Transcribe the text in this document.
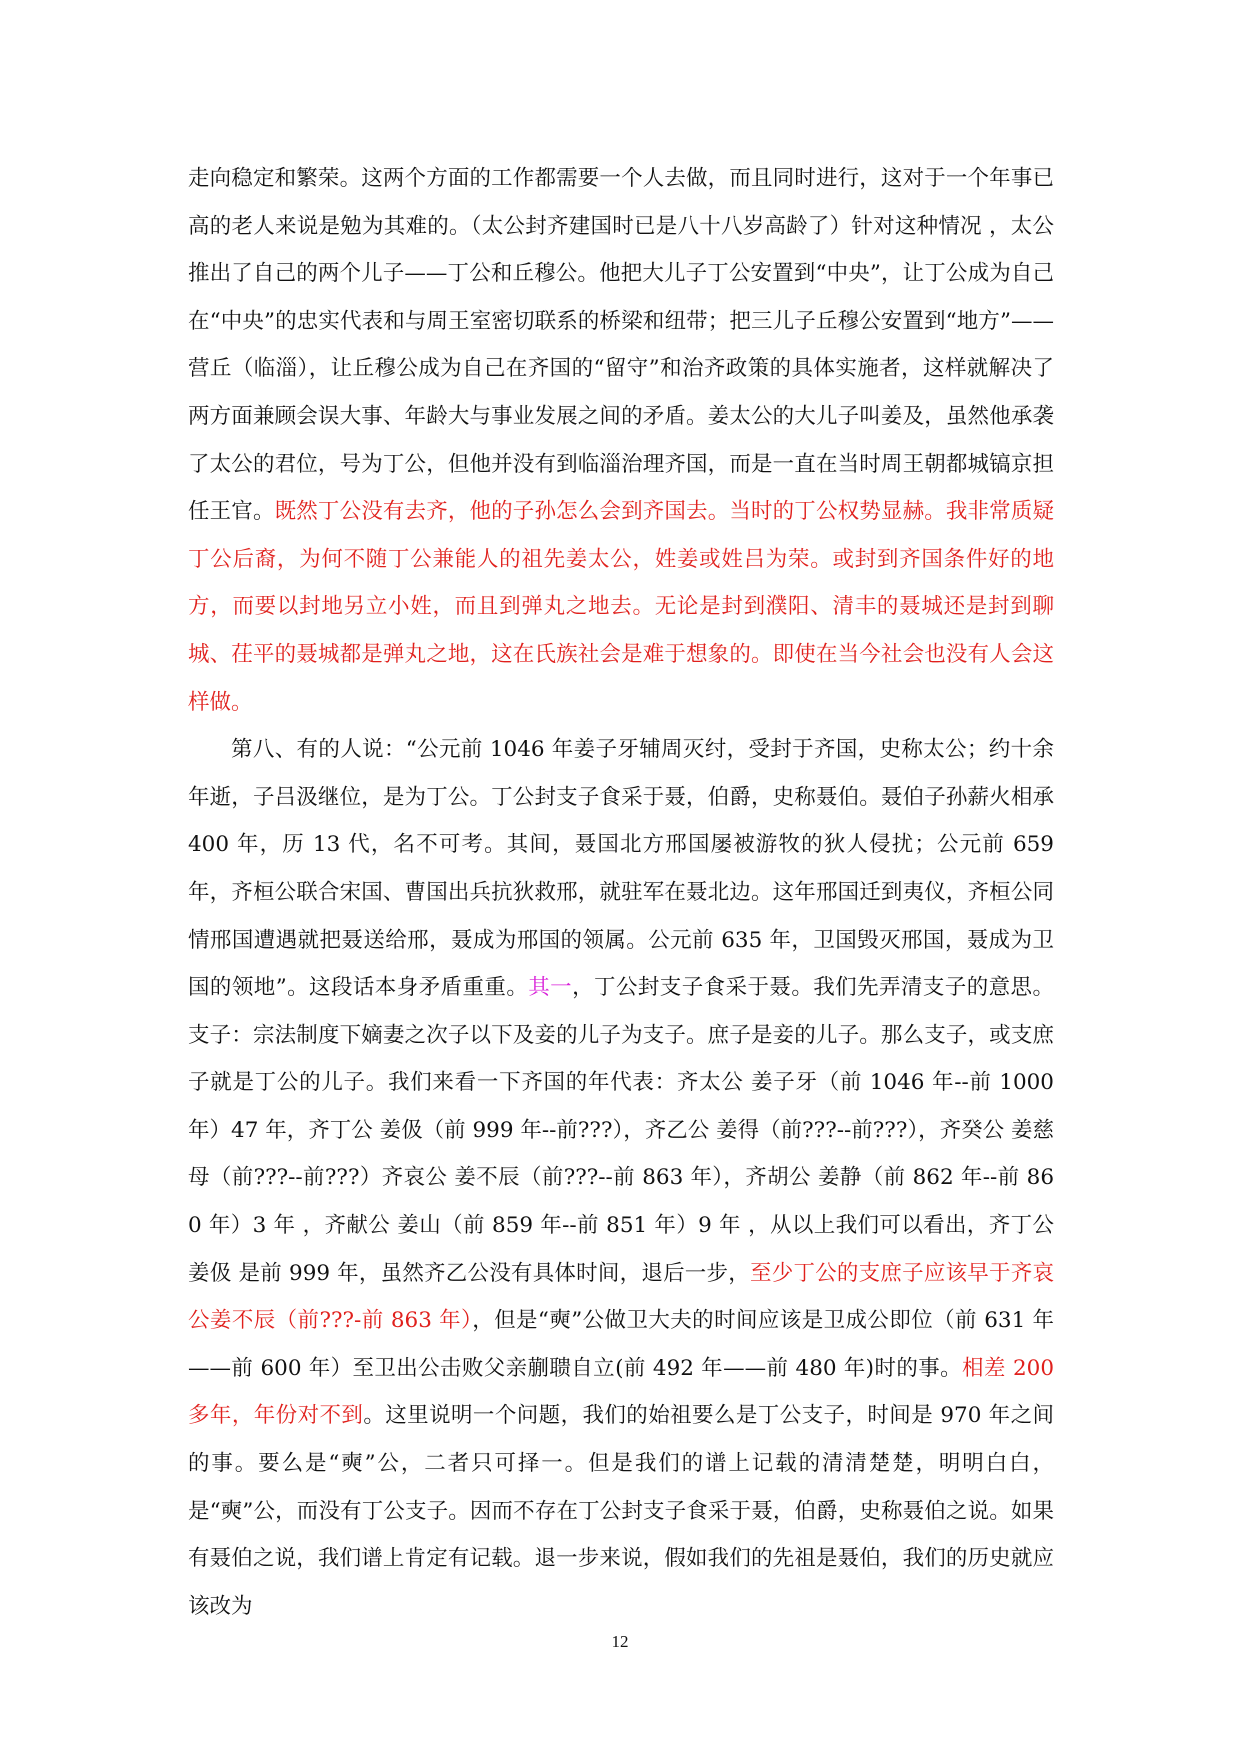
走向稳定和繁荣。这两个方面的工作都需要一个人去做，而且同时进行，这对于一个年事已高的老人来说是勉为其难的。（太公封齐建国时已是八十八岁高龄了）针对这种情况 ，太公推出了自己的两个儿子——丁公和丘穆公。他把大儿子丁公安置到“中央”，让丁公成为自己在“中央”的忠实代表和与周王室密切联系的桥梁和纽带；把三儿子丘穆公安置到“地方”——营丘（临淄），让丘穆公成为自己在齐国的“留守”和治齐政策的具体实施者，这样就解决了两方面兼顾会误大事、年龄大与事业发展之间的矛盾。姜太公的大儿子叫姜及，虽然他承袭了太公的君位，号为丁公，但他并没有到临淄治理齐国，而是一直在当时周王朝都城镐京担任王官。既然丁公没有去齐，他的子孙怎么会到齐国去。当时的丁公权势显赫。我非常质疑丁公后裔，为何不随丁公兼能人的祖先姜太公，姓姜或姓吕为荣。或封到齐国条件好的地方，而要以封地另立小姓，而且到弹丸之地去。无论是封到濮阳、清丰的聂城还是封到聊城、茌平的聂城都是弹丸之地，这在氏族社会是难于想象的。即使在当今社会也没有人会这样做。

第八、有的人说：“公元前 1046 年姜子牙辅周灭纣，受封于齐国，史称太公；约十余年逝，子吕汲继位，是为丁公。丁公封支子食采于聂，伯爵，史称聂伯。聂伯子孙薪火相承 400 年，历 13 代，名不可考。其间，聂国北方邢国屡被游牧的狄人侵扰；公元前 659 年，齐桓公联合宋国、曹国出兵抗狄救邢，就驻军在聂北边。这年邢国迁到夷仪，齐桓公同情邢国遭遇就把聂送给邢，聂成为邢国的领属。公元前 635 年，卫国毁灭邢国，聂成为卫国的领地”。这段话本身矛盾重重。其一，丁公封支子食采于聂。我们先弄清支子的意思。支子：宗法制度下嫡妻之次子以下及妾的儿子为支子。庶子是妾的儿子。那么支子，或支庶子就是丁公的儿子。我们来看一下齐国的年代表：齐太公 姜子牙（前 1046 年--前 1000 年）47 年，齐丁公 姜伋（前 999 年--前???），齐乙公 姜得（前???--前???），齐癸公 姜慈母（前???--前???）齐哀公 姜不辰（前???--前 863 年），齐胡公 姜静（前 862 年--前 860 年）3 年 ，齐献公 姜山（前 859 年--前 851 年）9 年 ，从以上我们可以看出，齐丁公 姜伋 是前 999 年，虽然齐乙公没有具体时间，退后一步，至少丁公的支庶子应该早于齐哀公姜不辰（前???-前 863 年），但是“奭”公做卫大夫的时间应该是卫成公即位（前 631 年——前 600 年）至卫出公击败父亲蒯聩自立(前 492 年——前 480 年)时的事。相差 200 多年，年份对不到。这里说明一个问题，我们的始祖要么是丁公支子，时间是 970 年之间的事。要么是“奭”公，二者只可择一。但是我们的谱上记载的清清楚楚，明明白白，是“奭”公，而没有丁公支子。因而不存在丁公封支子食采于聂，伯爵，史称聂伯之说。如果有聂伯之说，我们谱上肯定有记载。退一步来说，假如我们的先祖是聂伯，我们的历史就应该改为

12
